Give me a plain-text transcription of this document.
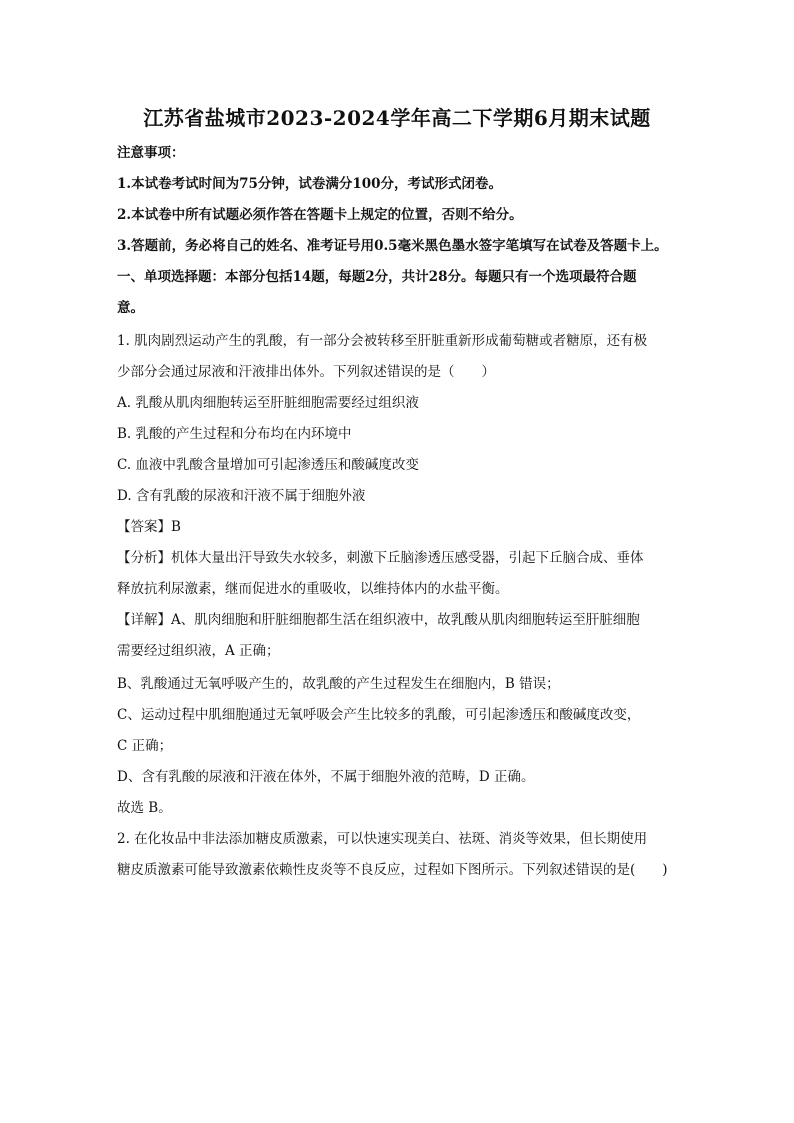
江苏省盐城市2023-2024学年高二下学期6月期末试题
注意事项：
1.本试卷考试时间为75分钟，试卷满分100分，考试形式闭卷。
2.本试卷中所有试题必须作答在答题卡上规定的位置，否则不给分。
3.答题前，务必将自己的姓名、准考证号用0.5毫米黑色墨水签字笔填写在试卷及答题卡上。
一、单项选择题：本部分包括14题，每题2分，共计28分。每题只有一个选项最符合题
意。
1. 肌肉剧烈运动产生的乳酸，有一部分会被转移至肝脏重新形成葡萄糖或者糖原，还有极
少部分会通过尿液和汗液排出体外。下列叙述错误的是（　　）
A. 乳酸从肌肉细胞转运至肝脏细胞需要经过组织液
B. 乳酸的产生过程和分布均在内环境中
C. 血液中乳酸含量增加可引起渗透压和酸碱度改变
D. 含有乳酸的尿液和汗液不属于细胞外液
【答案】B
【分析】机体大量出汗导致失水较多，刺激下丘脑渗透压感受器，引起下丘脑合成、垂体
释放抗利尿激素，继而促进水的重吸收，以维持体内的水盐平衡。
【详解】A、肌肉细胞和肝脏细胞都生活在组织液中，故乳酸从肌肉细胞转运至肝脏细胞
需要经过组织液，A 正确；
B、乳酸通过无氧呼吸产生的，故乳酸的产生过程发生在细胞内，B 错误；
C、运动过程中肌细胞通过无氧呼吸会产生比较多的乳酸，可引起渗透压和酸碱度改变，
C 正确；
D、含有乳酸的尿液和汗液在体外，不属于细胞外液的范畴，D 正确。
故选 B。
2. 在化妆品中非法添加糖皮质激素，可以快速实现美白、祛斑、消炎等效果，但长期使用
糖皮质激素可能导致激素依赖性皮炎等不良反应，过程如下图所示。下列叙述错误的是(　　)
